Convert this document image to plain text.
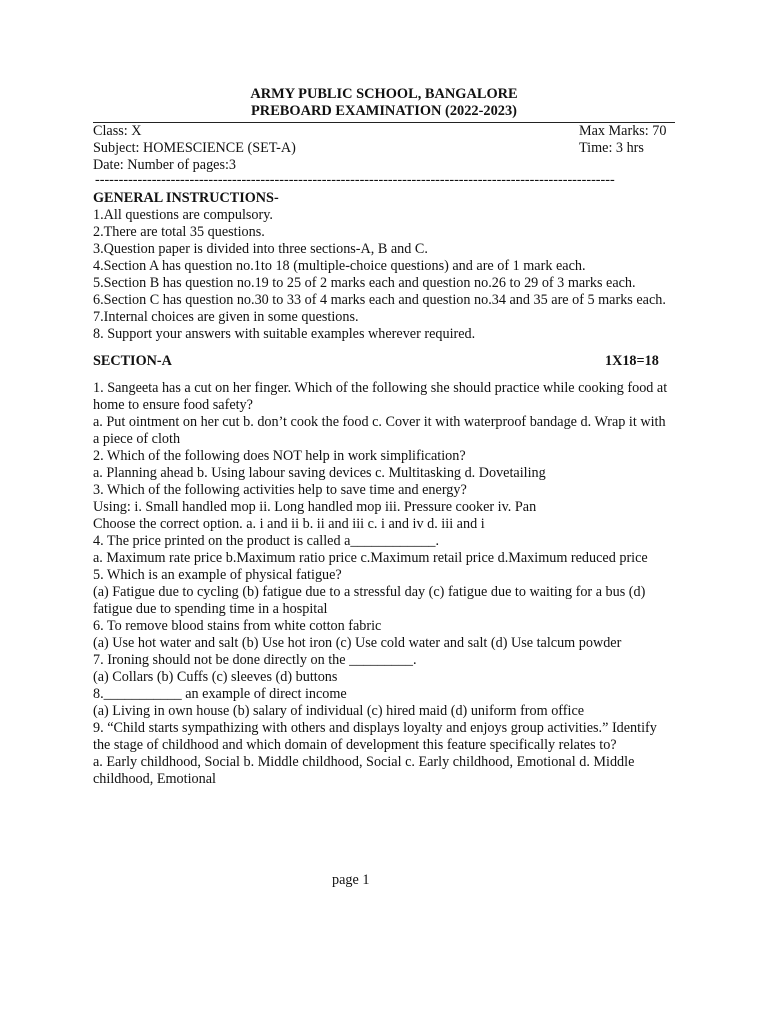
ARMY PUBLIC SCHOOL, BANGALORE
PREBOARD EXAMINATION (2022-2023)
Class: X	Max Marks: 70
Subject: HOMESCIENCE (SET-A)	Time: 3 hrs
Date: Number of pages:3
--------------------------------------------------------------------------------------------------------------
GENERAL INSTRUCTIONS-
1.All questions are compulsory.
2.There are total 35 questions.
3.Question paper is divided into three sections-A, B and C.
4.Section A has question no.1to 18 (multiple-choice questions) and are of 1 mark each.
5.Section B has question no.19 to 25 of 2 marks each and question no.26 to 29 of 3 marks each.
6.Section C has question no.30 to 33 of 4 marks each and question no.34 and 35 are of 5 marks each.
7.Internal choices are given in some questions.
8. Support your answers with suitable examples wherever required.
SECTION-A	1X18=18
1. Sangeeta has a cut on her finger. Which of the following she should practice while cooking food at home to ensure food safety?
a. Put ointment on her cut b. don’t cook the food c. Cover it with waterproof bandage d. Wrap it with a piece of cloth
2. Which of the following does NOT help in work simplification?
a. Planning ahead b. Using labour saving devices c. Multitasking d. Dovetailing
3. Which of the following activities help to save time and energy?
Using: i. Small handled mop ii. Long handled mop iii. Pressure cooker iv. Pan
Choose the correct option. a. i and ii b. ii and iii c. i and iv d. iii and i
4. The price printed on the product is called a____________.
a. Maximum rate price b.Maximum ratio price c.Maximum retail price d.Maximum reduced price
5. Which is an example of physical fatigue?
(a) Fatigue due to cycling (b) fatigue due to a stressful day (c) fatigue due to waiting for a bus (d) fatigue due to spending time in a hospital
6. To remove blood stains from white cotton fabric
(a) Use hot water and salt (b) Use hot iron (c) Use cold water and salt (d) Use talcum powder
7. Ironing should not be done directly on the _________.
(a) Collars (b) Cuffs (c) sleeves (d) buttons
8.___________ an example of direct income
(a) Living in own house (b) salary of individual (c) hired maid (d) uniform from office
9. “Child starts sympathizing with others and displays loyalty and enjoys group activities.” Identify the stage of childhood and which domain of development this feature specifically relates to?
a. Early childhood, Social b. Middle childhood, Social c. Early childhood, Emotional d. Middle childhood, Emotional
page 1
